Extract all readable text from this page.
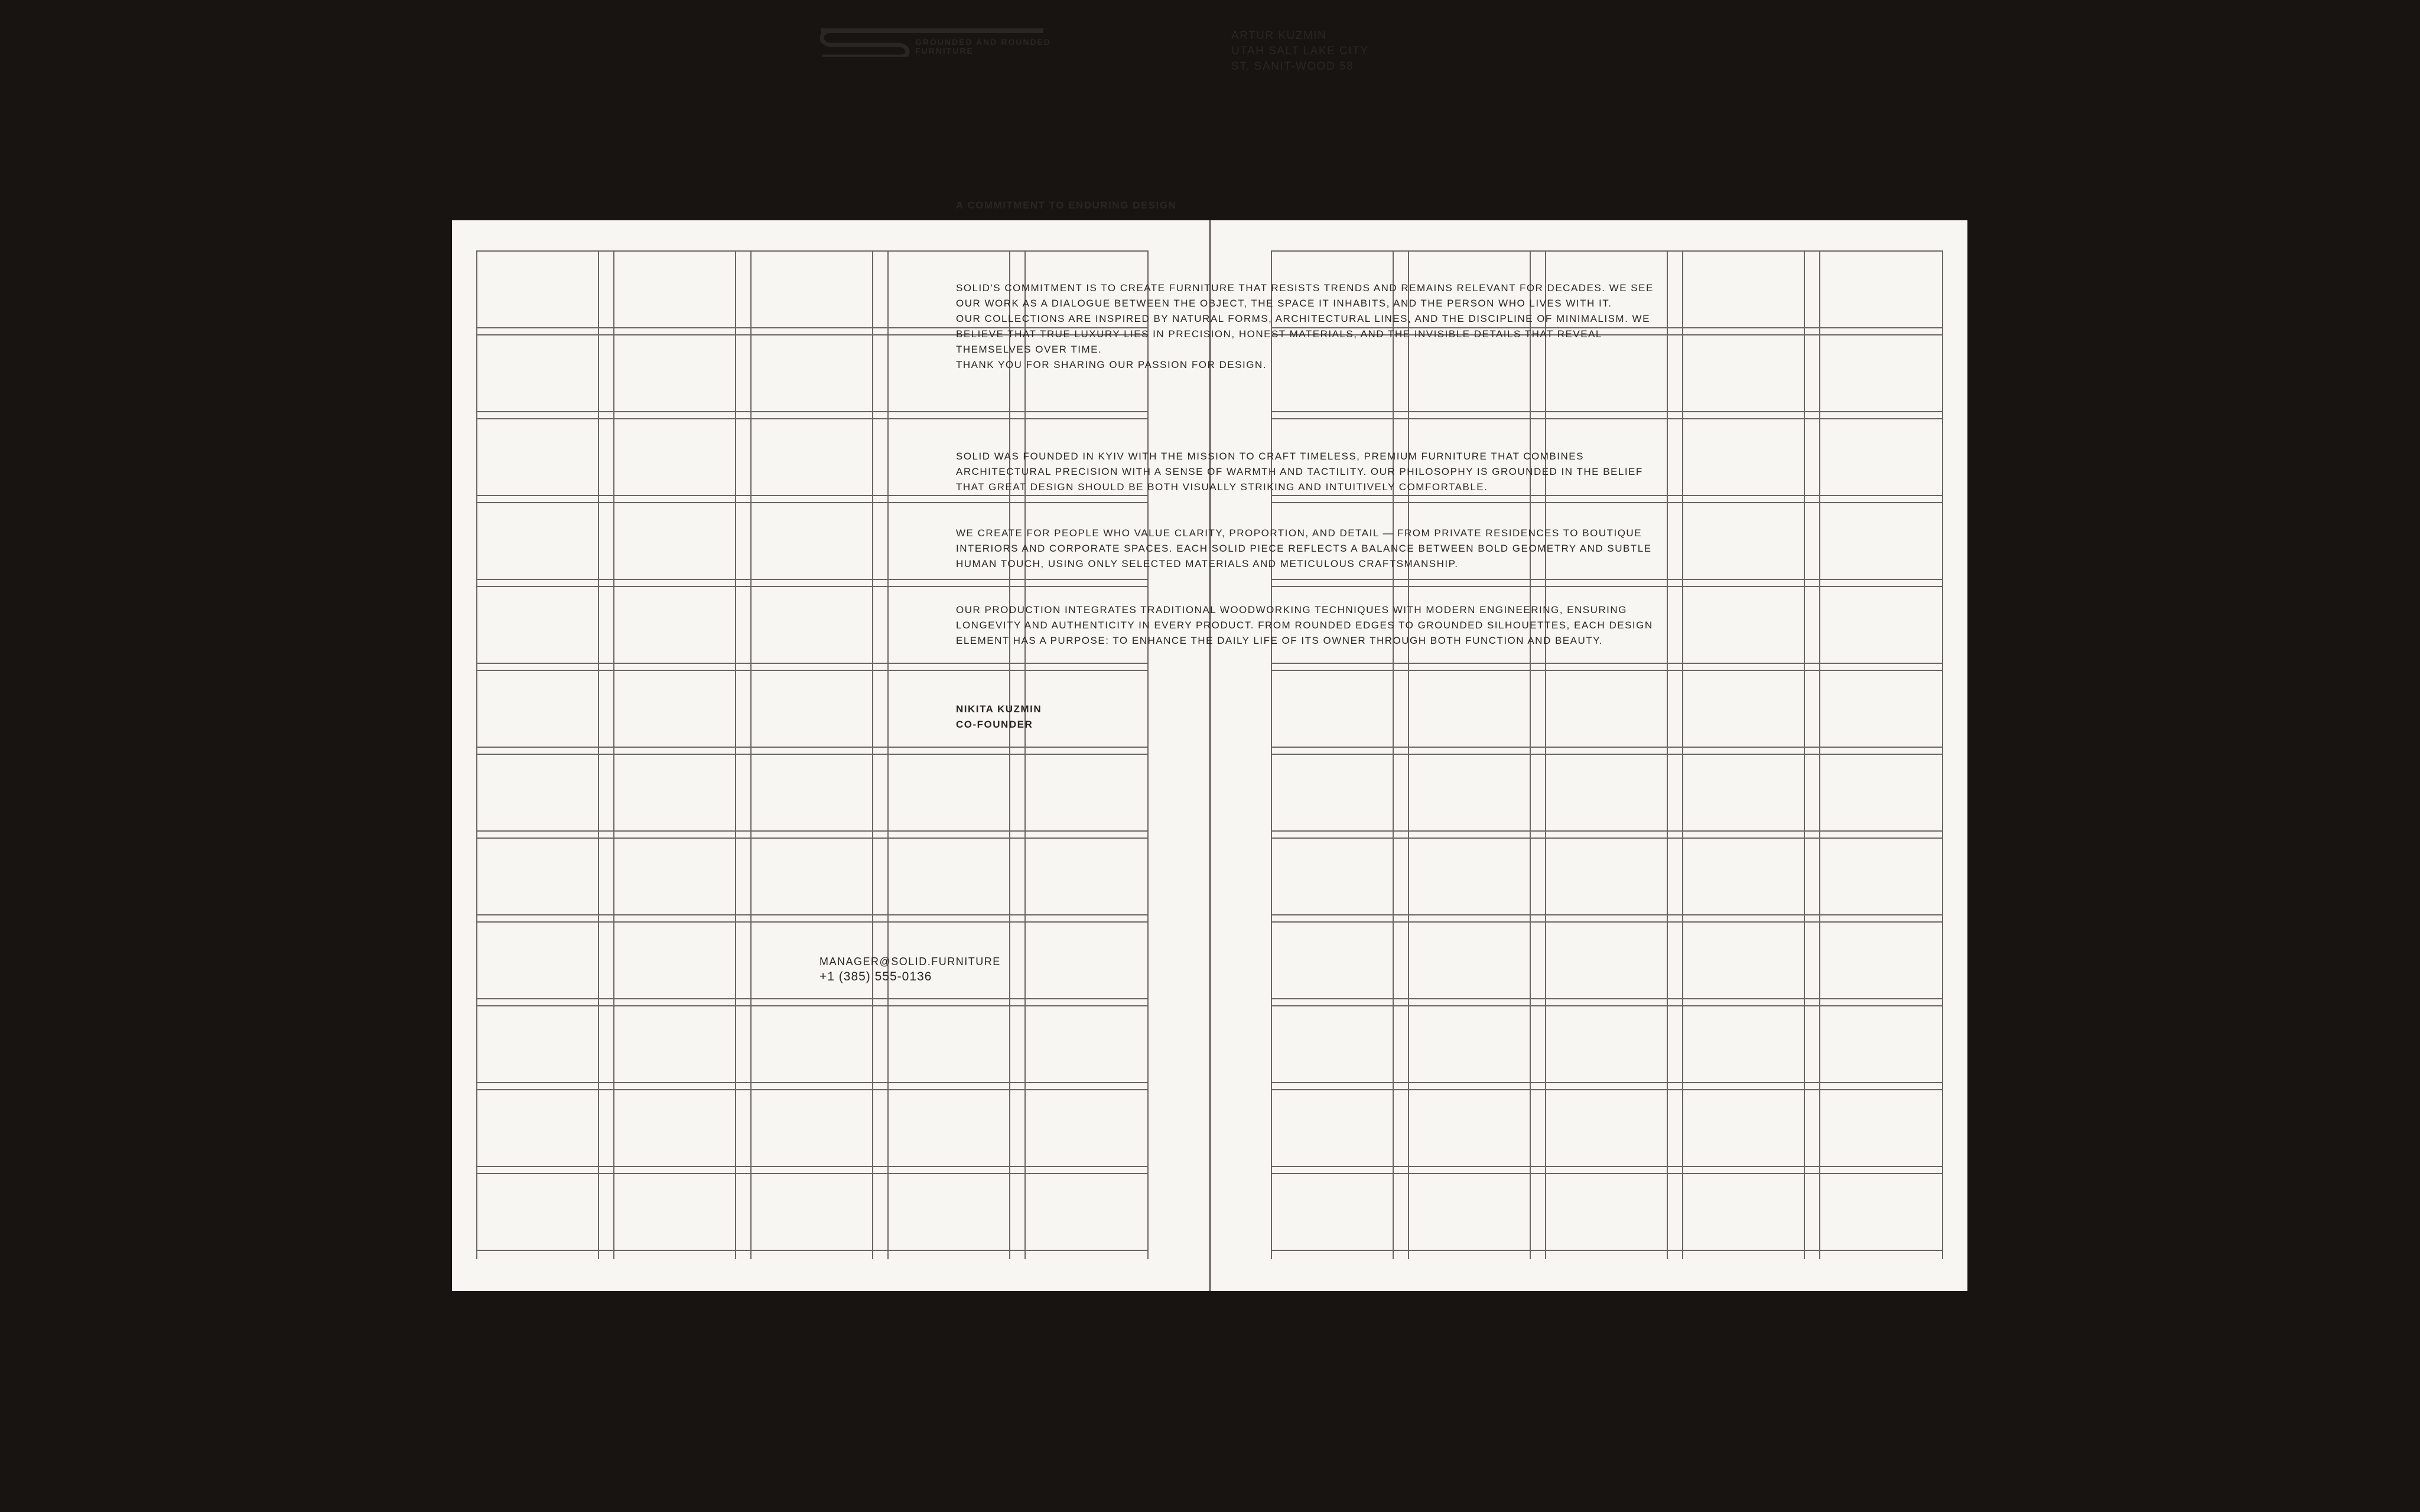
GROUNDED AND ROUNDED
FURNITURE
ARTUR KUZMIN
UTAH SALT LAKE CITY
ST. SANIT-WOOD 58
A COMMITMENT TO ENDURING DESIGN
SOLID'S COMMITMENT IS TO CREATE FURNITURE THAT RESISTS TRENDS AND REMAINS RELEVANT FOR DECADES. WE SEE OUR WORK AS A DIALOGUE BETWEEN THE OBJECT, THE SPACE IT INHABITS, AND THE PERSON WHO LIVES WITH IT.
OUR COLLECTIONS ARE INSPIRED BY NATURAL FORMS, ARCHITECTURAL LINES, AND THE DISCIPLINE OF MINIMALISM. WE BELIEVE THAT TRUE LUXURY LIES IN PRECISION, HONEST MATERIALS, AND THE INVISIBLE DETAILS THAT REVEAL THEMSELVES OVER TIME.
THANK YOU FOR SHARING OUR PASSION FOR DESIGN.
SOLID WAS FOUNDED IN KYIV WITH THE MISSION TO CRAFT TIMELESS, PREMIUM FURNITURE THAT COMBINES ARCHITECTURAL PRECISION WITH A SENSE OF WARMTH AND TACTILITY. OUR PHILOSOPHY IS GROUNDED IN THE BELIEF THAT GREAT DESIGN SHOULD BE BOTH VISUALLY STRIKING AND INTUITIVELY COMFORTABLE.
WE CREATE FOR PEOPLE WHO VALUE CLARITY, PROPORTION, AND DETAIL — FROM PRIVATE RESIDENCES TO BOUTIQUE INTERIORS AND CORPORATE SPACES. EACH SOLID PIECE REFLECTS A BALANCE BETWEEN BOLD GEOMETRY AND SUBTLE HUMAN TOUCH, USING ONLY SELECTED MATERIALS AND METICULOUS CRAFTSMANSHIP.
OUR PRODUCTION INTEGRATES TRADITIONAL WOODWORKING TECHNIQUES WITH MODERN ENGINEERING, ENSURING LONGEVITY AND AUTHENTICITY IN EVERY PRODUCT. FROM ROUNDED EDGES TO GROUNDED SILHOUETTES, EACH DESIGN ELEMENT HAS A PURPOSE: TO ENHANCE THE DAILY LIFE OF ITS OWNER THROUGH BOTH FUNCTION AND BEAUTY.
NIKITA KUZMIN
CO-FOUNDER
MANAGER@SOLID.FURNITURE
+1 (385) 555-0136
